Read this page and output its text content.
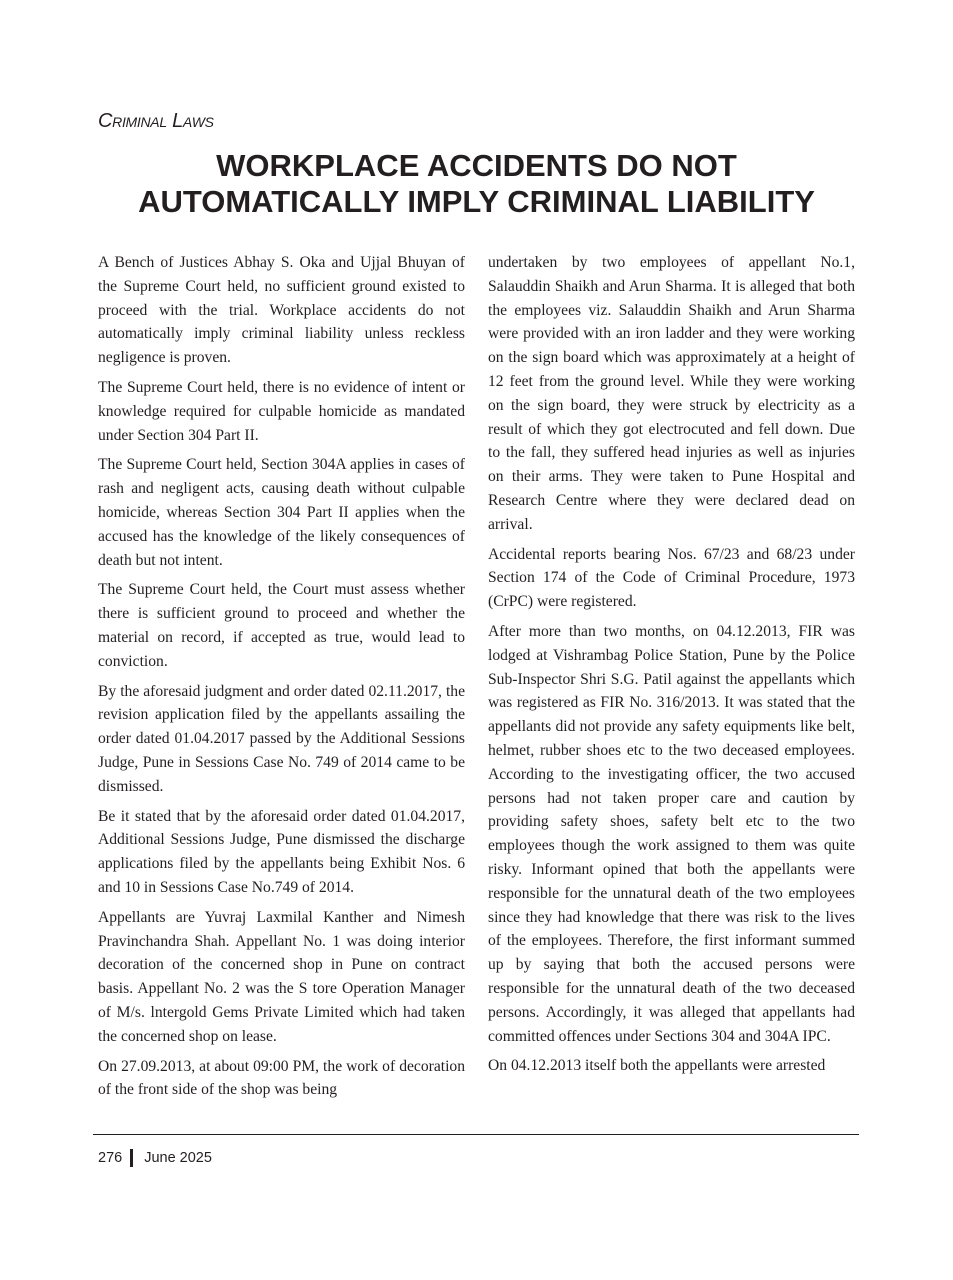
Criminal Laws
WORKPLACE ACCIDENTS DO NOT
AUTOMATICALLY IMPLY CRIMINAL LIABILITY

A Bench of Justices Abhay S. Oka and Ujjal Bhuyan of the Supreme Court held, no sufficient ground existed to proceed with the trial. Workplace accidents do not automatically imply criminal liability unless reckless negligence is proven.

The Supreme Court held, there is no evidence of intent or knowledge required for culpable homicide as mandated under Section 304 Part II.

The Supreme Court held, Section 304A applies in cases of rash and negligent acts, causing death without culpable homicide, whereas Section 304 Part II applies when the accused has the knowledge of the likely consequences of death but not intent.

The Supreme Court held, the Court must assess whether there is sufficient ground to proceed and whether the material on record, if accepted as true, would lead to conviction.

By the aforesaid judgment and order dated 02.11.2017, the revision application filed by the appellants assailing the order dated 01.04.2017 passed by the Additional Sessions Judge, Pune in Sessions Case No. 749 of 2014 came to be dismissed.

Be it stated that by the aforesaid order dated 01.04.2017, Additional Sessions Judge, Pune dismissed the discharge applications filed by the appellants being Exhibit Nos. 6 and 10 in Sessions Case No.749 of 2014.

Appellants are Yuvraj Laxmilal Kanther and Nimesh Pravinchandra Shah. Appellant No. 1 was doing interior decoration of the concerned shop in Pune on contract basis. Appellant No. 2 was the S tore Operation Manager of M/s. lntergold Gems Private Limited which had taken the concerned shop on lease.

On 27.09.2013, at about 09:00 PM, the work of decoration of the front side of the shop was being

undertaken by two employees of appellant No.1, Salauddin Shaikh and Arun Sharma. It is alleged that both the employees viz. Salauddin Shaikh and Arun Sharma were provided with an iron ladder and they were working on the sign board which was approximately at a height of 12 feet from the ground level. While they were working on the sign board, they were struck by electricity as a result of which they got electrocuted and fell down. Due to the fall, they suffered head injuries as well as injuries on their arms. They were taken to Pune Hospital and Research Centre where they were declared dead on arrival.

Accidental reports bearing Nos. 67/23 and 68/23 under Section 174 of the Code of Criminal Procedure, 1973 (CrPC) were registered.

After more than two months, on 04.12.2013, FIR was lodged at Vishrambag Police Station, Pune by the Police Sub-Inspector Shri S.G. Patil against the appellants which was registered as FIR No. 316/2013. It was stated that the appellants did not provide any safety equipments like belt, helmet, rubber shoes etc to the two deceased employees. According to the investigating officer, the two accused persons had not taken proper care and caution by providing safety shoes, safety belt etc to the two employees though the work assigned to them was quite risky. Informant opined that both the appellants were responsible for the unnatural death of the two employees since they had knowledge that there was risk to the lives of the employees. Therefore, the first informant summed up by saying that both the accused persons were responsible for the unnatural death of the two deceased persons. Accordingly, it was alleged that appellants had committed offences under Sections 304 and 304A IPC.

On 04.12.2013 itself both the appellants were arrested

276 June 2025
